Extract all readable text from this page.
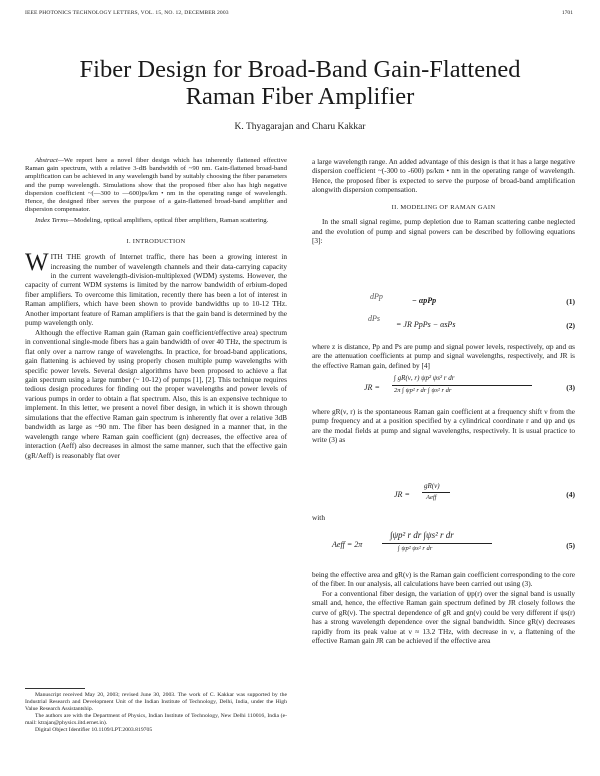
IEEE PHOTONICS TECHNOLOGY LETTERS, VOL. 15, NO. 12, DECEMBER 2003	1701
Fiber Design for Broad-Band Gain-Flattened
Raman Fiber Amplifier
K. Thyagarajan and Charu Kakkar

Abstract—We report here a novel fiber design which has inherently flattened effective Raman gain spectrum, with a relative 3-dB bandwidth of ~90 nm. Gain-flattened broad-band amplification can be achieved in any wavelength band by suitably choosing the fiber parameters and the pump wavelength. Simulations show that the proposed fiber also has high negative dispersion coefficient ~(—300 to —600)ps/km • nm in the operating range of wavelength. Hence, the designed fiber serves the purpose of a gain-flattened broad-band amplifier and dispersion compensator.

Index Terms—Modeling, optical amplifiers, optical fiber amplifiers, Raman scattering.

I. INTRODUCTION

WITH THE growth of Internet traffic, there has been a growing interest in increasing the number of wavelength channels and their data-carrying capacity in the current wavelength-division-multiplexed (WDM) systems. However, the capacity of current WDM systems is limited by the narrow bandwidth of erbium-doped fiber amplifiers. To overcome this limitation, recently there has been a lot of interest in Raman amplifiers, which have been shown to provide bandwidths up to 10-12 THz. Another important feature of Raman amplifiers is that the gain band is determined by the pump wavelength only.

Although the effective Raman gain (Raman gain coefficient/effective area) spectrum in conventional single-mode fibers has a gain bandwidth of over 40 THz, the spectrum is flat only over a narrow range of wavelengths. In practice, for broad-band applications, gain flattening is achieved by using properly chosen multiple pump wavelengths with specific power levels. Several design algorithms have been proposed to achieve a flat gain spectrum using a large number (~ 10-12) of pumps [1], [2]. This technique requires tedious design procedures for finding out the proper wavelengths and power levels of various pumps in order to obtain a flat spectrum. Also, this is an expensive technique to implement. In this letter, we present a novel fiber design, in which it is shown through simulations that the effective Raman gain spectrum is inherently flat over a relative 3dB bandwidth as large as ~90 nm. The fiber has been designed in a manner that, in the wavelength range where Raman gain coefficient (gn) decreases, the effective area of interaction (Aeff) also decreases in almost the same manner, such that the effective gain (gR/Aeff) is reasonably flat over

Manuscript received May 20, 2003; revised June 30, 2003. The work of C. Kakkar was supported by the Industrial Research and Development Unit of the Indian Institute of Technology, Delhi, India, under the High Value Research Assistantship.

The authors are with the Department of Physics, Indian Institute of Technology, New Delhi 110016, India (e-mail: ktrajan@physics.iitd.ernet.in).

Digital Object Identifier 10.1109/LPT.2003.819705

a large wavelength range. An added advantage of this design is that it has a large negative dispersion coefficient ~(-300 to -600) ps/km • nm in the operating range of wavelength. Hence, the proposed fiber is expected to serve the purpose of broad-band amplification alongwith dispersion compensation.

II. MODELING OF RAMAN GAIN

In the small signal regime, pump depletion due to Raman scattering canbe neglected and the evolution of pump and signal powers can be described by following equations [3]:

dPp	− αpPp	(1)
dPs
= JR PpPs − αsPs	(2)

where z is distance, Pp and Ps are pump and signal power levels, respectively, αp and αs are the attenuation coefficients at pump and signal wavelengths, respectively, and JR is the effective Raman gain, defined by [4]

JR =
∫ gR(ν, r) ψp² ψs² r dr
2π ∫ ψp² r dr ∫ ψs² r dr	(3)

where gR(ν, r) is the spontaneous Raman gain coefficient at a frequency shift ν from the pump frequency and at a position specified by a cylindrical coordinate r and ψp and ψs are the modal fields at pump and signal wavelengths, respectively. It is usual practice to write (3) as

JR =
gR(ν)
Aeff	(4)

with

Aeff = 2π
∫ψp² r dr ∫ψs² r dr
∫ ψp² ψs² r dr	(5)

being the effective area and gR(ν) is the Raman gain coefficient corresponding to the core of the fiber. In our analysis, all calculations have been carried out using (3).

For a conventional fiber design, the variation of ψp(r) over the signal band is usually small and, hence, the effective Raman gain spectrum defined by JR closely follows the curve of gR(ν). The spectral dependence of gR and gn(ν) could be very different if ψs(r) has a strong wavelength dependence over the signal bandwidth. Since gR(ν) decreases rapidly from its peak value at ν ≈ 13.2 THz, with decrease in ν, a flattening of the effective Raman gain JR can be achieved if the effective area
